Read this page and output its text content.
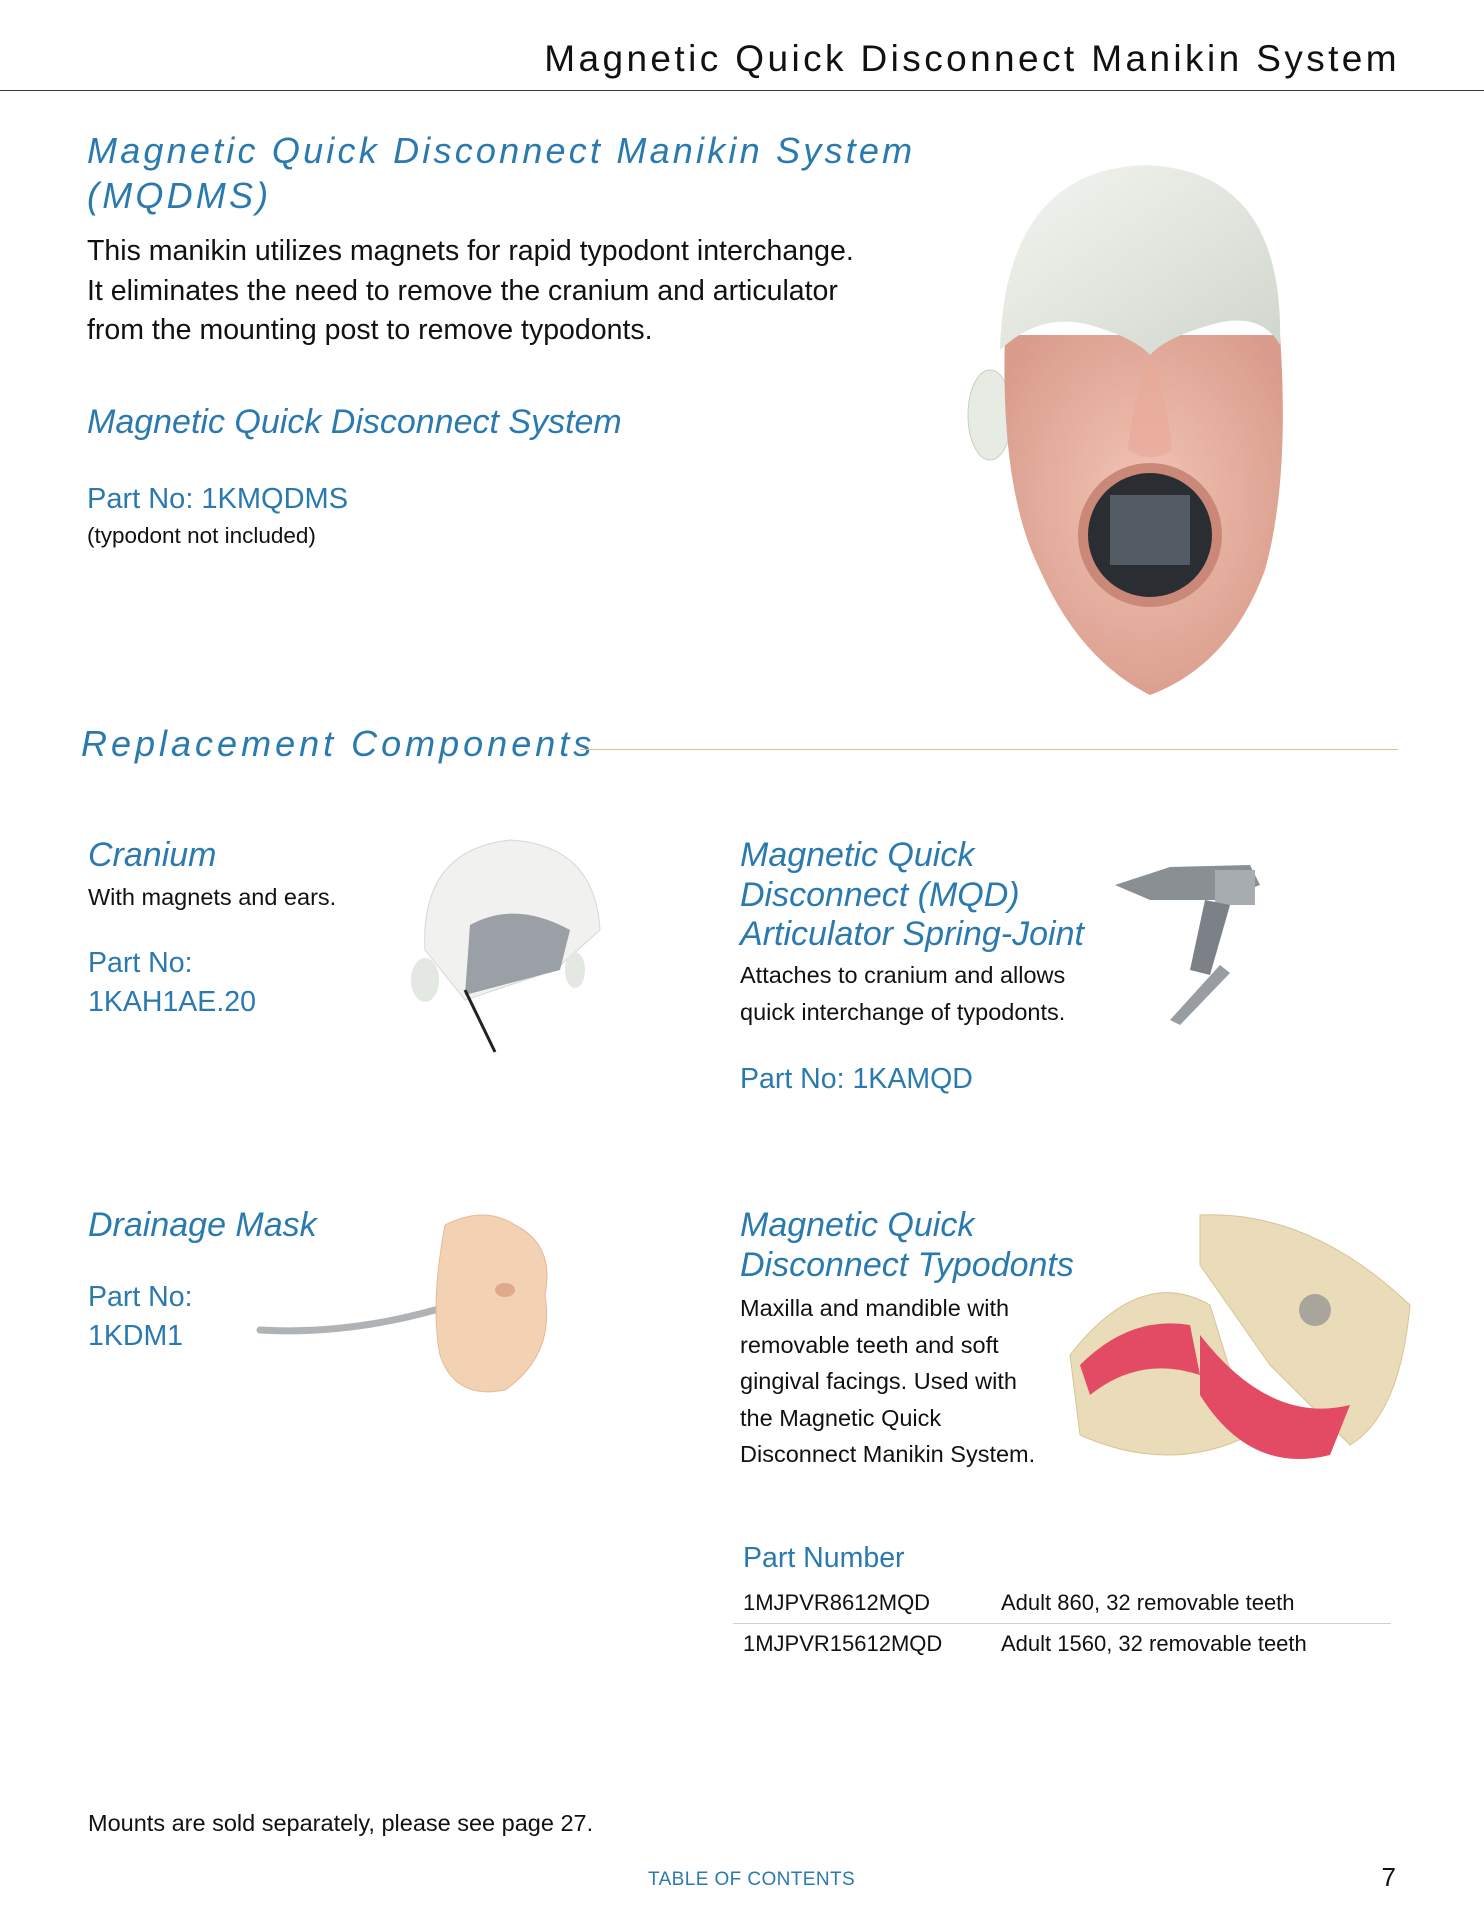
Magnetic Quick Disconnect Manikin System
Magnetic Quick Disconnect Manikin System
(MQDMS)
This manikin utilizes magnets for rapid typodont interchange.
It eliminates the need to remove the cranium and articulator
from the mounting post to remove typodonts.
Magnetic Quick Disconnect System
Part No: 1KMQDMS
(typodont not included)
Replacement Components
Cranium
With magnets and ears.
Part No:
1KAH1AE.20
Magnetic Quick
Disconnect (MQD)
Articulator Spring-Joint
Attaches to cranium and allows
quick interchange of typodonts.
Part No: 1KAMQD
Drainage Mask
Part No:
1KDM1
Magnetic Quick
Disconnect Typodonts
Maxilla and mandible with
removable teeth and soft
gingival facings. Used with
the Magnetic Quick
Disconnect Manikin System.
Part Number
1MJPVR8612MQD	Adult 860, 32 removable teeth
1MJPVR15612MQD	Adult 1560, 32 removable teeth
Mounts are sold separately, please see page 27.
TABLE OF CONTENTS	7
